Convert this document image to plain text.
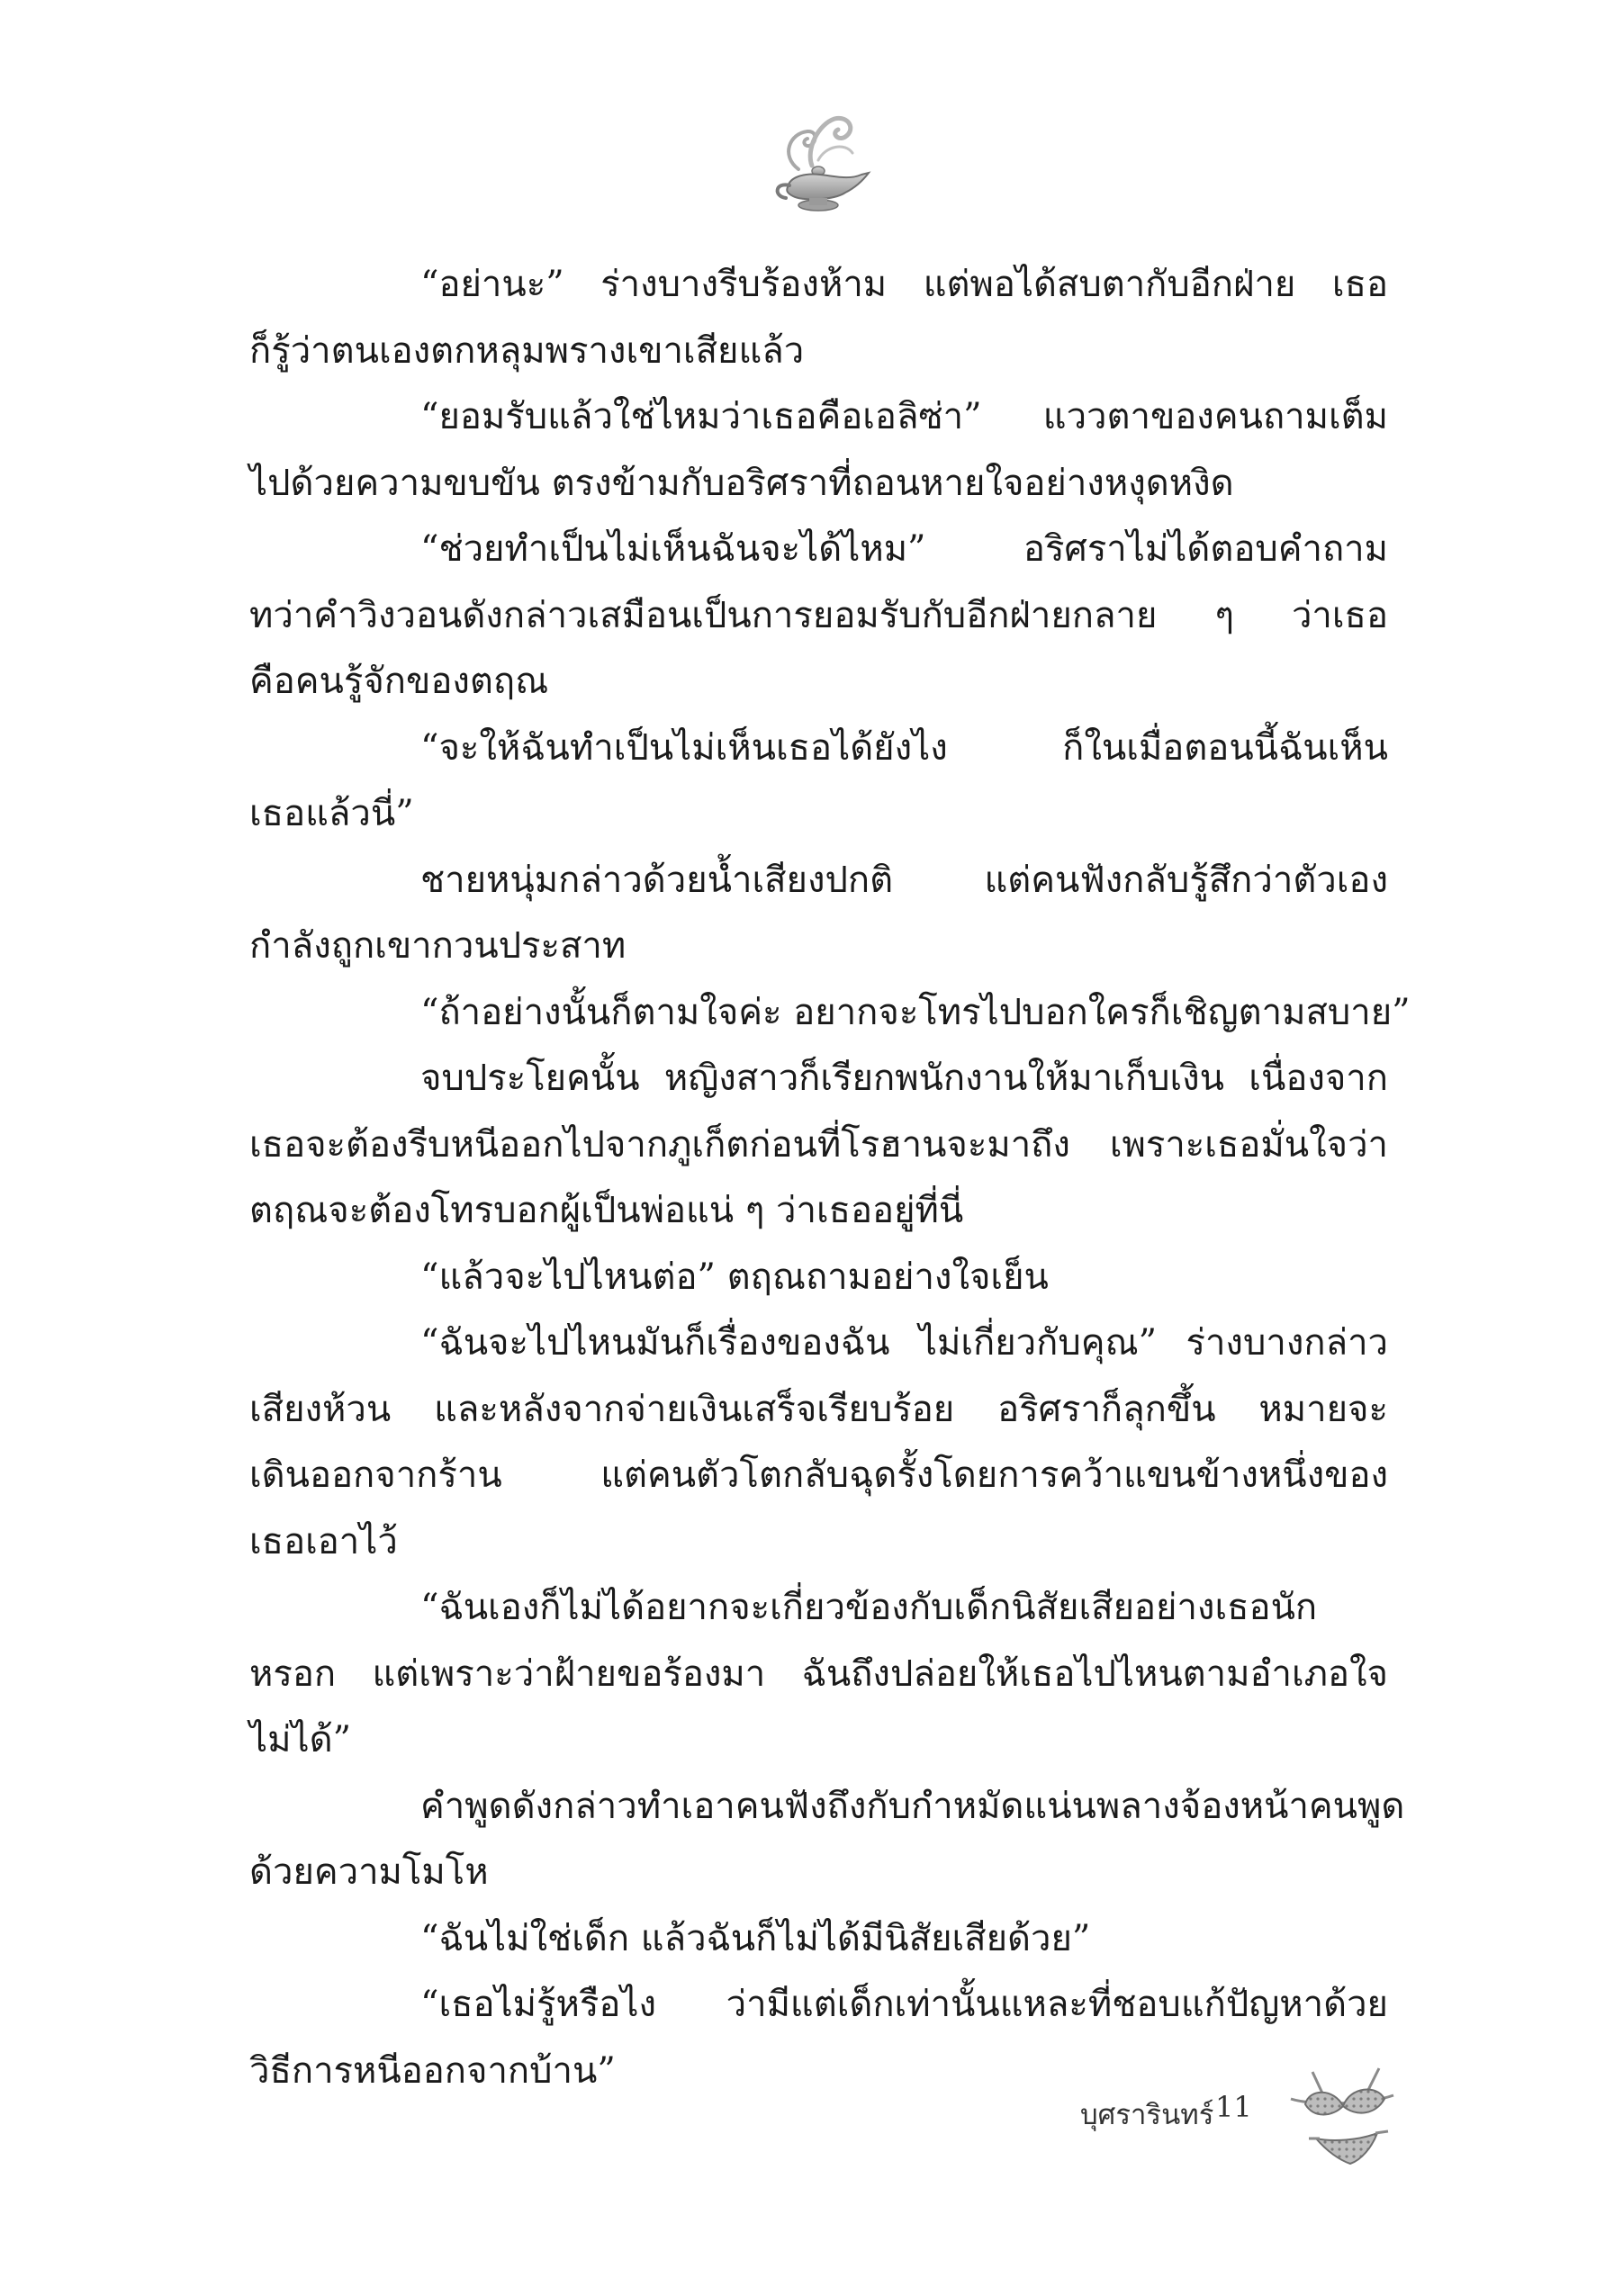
“อย่านะ” ร่างบางรีบร้องห้าม แต่พอได้สบตากับอีกฝ่าย เธอ
ก็รู้ว่าตนเองตกหลุมพรางเขาเสียแล้ว

“ยอมรับแล้วใช่ไหมว่าเธอคือเอลิซ่า” แววตาของคนถามเต็ม
ไปด้วยความขบขัน
ตรงข้ามกับอริศราที่ถอนหายใจอย่างหงุดหงิด

“ช่วยทำเป็นไม่เห็นฉันจะได้ไหม”	อริศราไม่ได้ตอบคำถาม
ทว่าคำวิงวอนดังกล่าวเสมือนเป็นการยอมรับกับอีกฝ่ายกลาย ๆ ว่าเธอ
คือคนรู้จักของตฤณ

“จะให้ฉันทำเป็นไม่เห็นเธอได้ยังไง	ก็ในเมื่อตอนนี้ฉันเห็น
เธอแล้วนี่”

ชายหนุ่มกล่าวด้วยน้ำเสียงปกติ	แต่คนฟังกลับรู้สึกว่าตัวเอง
กำลังถูกเขากวนประสาท

“ถ้าอย่างนั้นก็ตามใจค่ะ
อยากจะโทรไปบอกใครก็เชิญตามสบาย”

จบประโยคนั้น หญิงสาวก็เรียกพนักงานให้มาเก็บเงิน เนื่องจาก
เธอจะต้องรีบหนีออกไปจากภูเก็ตก่อนที่โรฮานจะมาถึง เพราะเธอมั่นใจว่า
ตฤณจะต้องโทรบอกผู้เป็นพ่อแน่
ๆ
ว่าเธออยู่ที่นี่

“แล้วจะไปไหนต่อ”
ตฤณถามอย่างใจเย็น

“ฉันจะไปไหนมันก็เรื่องของฉัน ไม่เกี่ยวกับคุณ” ร่างบางกล่าว
เสียงห้วน และหลังจากจ่ายเงินเสร็จเรียบร้อย อริศราก็ลุกขึ้น หมายจะ
เดินออกจากร้าน	แต่คนตัวโตกลับฉุดรั้งโดยการคว้าแขนข้างหนึ่งของ
เธอเอาไว้

“ฉันเองก็ไม่ได้อยากจะเกี่ยวข้องกับเด็กนิสัยเสียอย่างเธอนัก
หรอก แต่เพราะว่าฝ้ายขอร้องมา ฉันถึงปล่อยให้เธอไปไหนตามอำเภอใจ
ไม่ได้”

คำพูดดังกล่าวทำเอาคนฟังถึงกับกำหมัดแน่นพลางจ้องหน้าคนพูด
ด้วยความโมโห

“ฉันไม่ใช่เด็ก
แล้วฉันก็ไม่ได้มีนิสัยเสียด้วย”

“เธอไม่รู้หรือไง ว่ามีแต่เด็กเท่านั้นแหละที่ชอบแก้ปัญหาด้วย
วิธีการหนีออกจากบ้าน”

บุศรารินทร์ 11
